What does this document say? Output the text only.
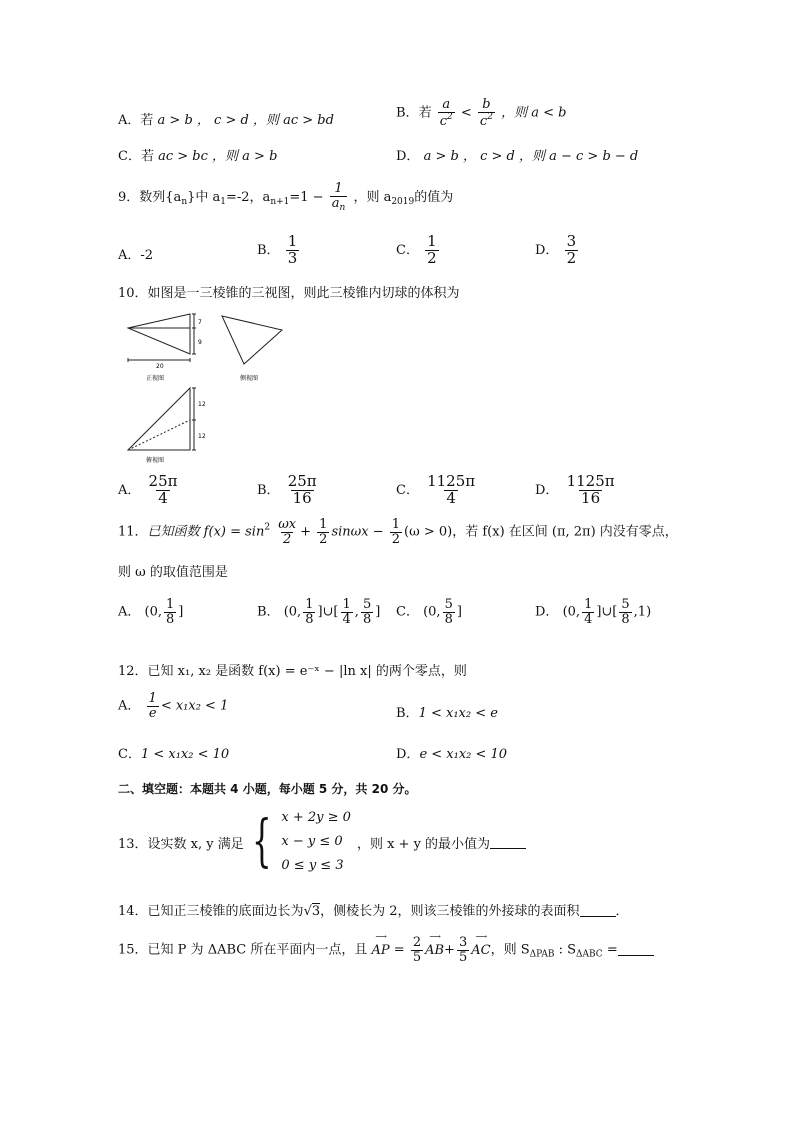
A．若 a > b ， c > d ，则 ac > bd	B．若 $\frac{a}{c^2} < \frac{b}{c^2}$ ，则 a < b
C．若 ac > bc ，则 a > b	D． a > b ， c > d ，则 a − c > b − d
9．数列$\{a_n\}$中 $a_1=-2$，$a_{n+1}=1 - \frac{1}{a_n}$ ，则 $a_{2019}$的值为
A．-2	B． $\frac{1}{3}$	C． $\frac{1}{2}$	D． $\frac{3}{2}$
10．如图是一三棱锥的三视图，则此三棱锥内切球的体积为
7
9
20
正视图	侧视图
12
12
俯视图
A． $\frac{25\pi}{4}$	B． $\frac{25\pi}{16}$	C． $\frac{1125\pi}{4}$	D． $\frac{1125\pi}{16}$
11．已知函数 $f(x) = \sin^2 \frac{\omega x}{2} + \frac{1}{2}$ $\sin\omega x - \frac{1}{2} (\omega > 0)$，若 f(x) 在区间 (π, 2π) 内没有零点，
则 ω 的取值范围是
A． (0, $\frac{1}{8}$ ]	B． (0, $\frac{1}{8}$ ]∪[ $\frac{1}{4}$ , $\frac{5}{8}$ ] C． (0, $\frac{5}{8}$ ]	D． (0, $\frac{1}{4}$ ]∪[ $\frac{5}{8} ,1$)
12．已知 x₁, x₂ 是函数 f(x) = e⁻ˣ − |ln x| 的两个零点，则
A． $\frac{1}{e} < x_1x_2 < 1$	B．1 < x₁x₂ < e
C．1 < x₁x₂ < 10	D．e < x₁x₂ < 10
二、填空题：本题共 4 小题，每小题 5 分，共 20 分。
13． 设实数 x, y 满足 { x + 2y ≥ 0
x − y ≤ 0
0 ≤ y ≤ 3
，则 x + y 的最小值为
14．已知正三棱锥的底面边长为√3，侧棱长为 2，则该三棱锥的外接球的表面积	．
15．已知 P 为 ΔABC 所在平面内一点，且
⟶
AP = $\frac{2}{5}$ ⟶
$AB+ \frac{3}{5}$ ⟶
AC，则 $S_{\Delta PAB}$ : $S_{\Delta ABC}$ =
